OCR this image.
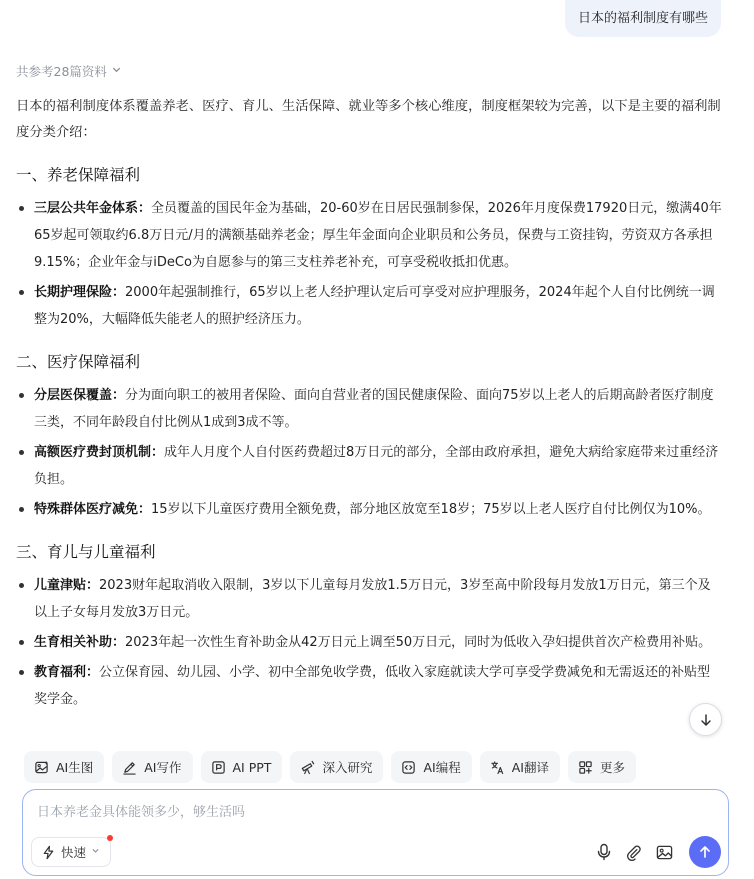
日本的福利制度有哪些
共参考28篇资料

日本的福利制度体系覆盖养老、医疗、育儿、生活保障、就业等多个核心维度，制度框架较为完善，以下是主要的福利制度分类介绍：

一、养老保障福利
三层公共年金体系：全员覆盖的国民年金为基础，20-60岁在日居民强制参保，2026年月度保费17920日元，缴满40年65岁起可领取约6.8万日元/月的满额基础养老金；厚生年金面向企业职员和公务员，保费与工资挂钩，劳资双方各承担9.15%；企业年金与iDeCo为自愿参与的第三支柱养老补充，可享受税收抵扣优惠。
长期护理保险：2000年起强制推行，65岁以上老人经护理认定后可享受对应护理服务，2024年起个人自付比例统一调整为20%，大幅降低失能老人的照护经济压力。
二、医疗保障福利
分层医保覆盖：分为面向职工的被用者保险、面向自营业者的国民健康保险、面向75岁以上老人的后期高龄者医疗制度三类，不同年龄段自付比例从1成到3成不等。
高额医疗费封顶机制：成年人月度个人自付医药费超过8万日元的部分，全部由政府承担，避免大病给家庭带来过重经济负担。
特殊群体医疗减免：15岁以下儿童医疗费用全额免费，部分地区放宽至18岁；75岁以上老人医疗自付比例仅为10%。
三、育儿与儿童福利
儿童津贴：2023财年起取消收入限制，3岁以下儿童每月发放1.5万日元，3岁至高中阶段每月发放1万日元，第三个及以上子女每月发放3万日元。
生育相关补助：2023年起一次性生育补助金从42万日元上调至50万日元，同时为低收入孕妇提供首次产检费用补贴。
教育福利：公立保育园、幼儿园、小学、初中全部免收学费，低收入家庭就读大学可享受学费减免和无需返还的补贴型奖学金。
AI生图	AI写作	AI PPT	深入研究	AI编程	AI翻译	更多
日本养老金具体能领多少，够生活吗
快速
